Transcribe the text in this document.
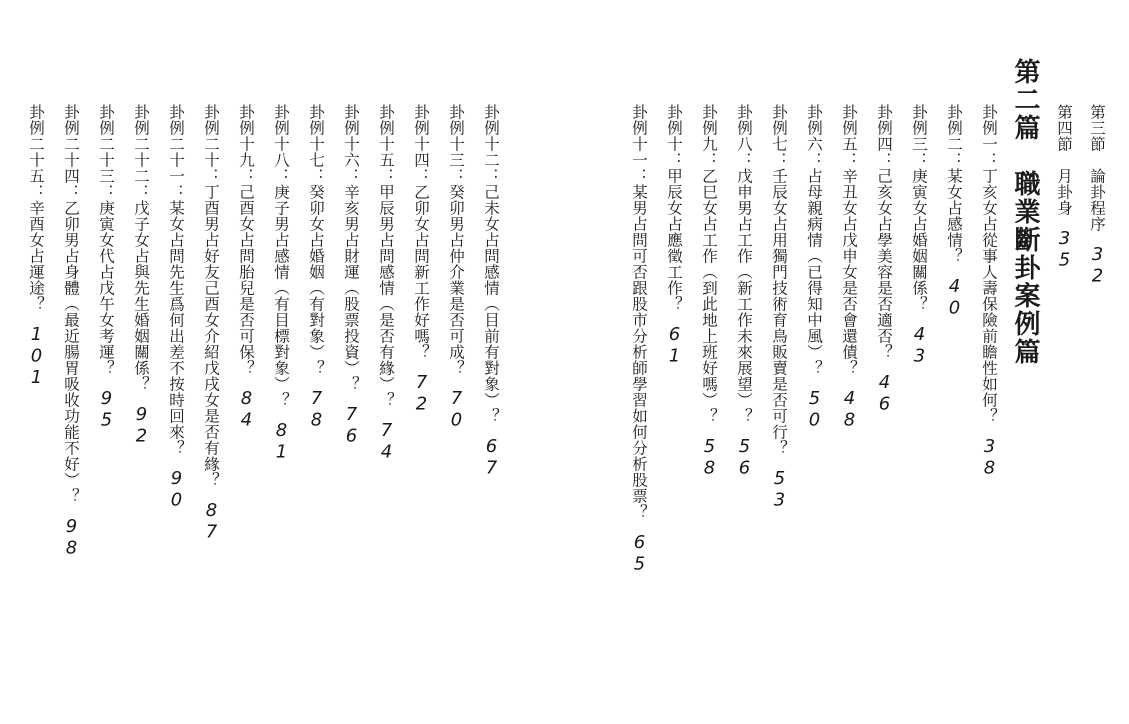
第三節　論卦程序32
第四節　月卦身35
第二篇職業斷卦案例篇
卦例一：丁亥女占從事人壽保險前瞻性如何？38
卦例二：某女占感情？40
卦例三：庚寅女占婚姻關係？43
卦例四：己亥女占學美容是否適否？46
卦例五：辛丑女占戊申女是否會還債？48
卦例六：占母親病情（已得知中風）？50
卦例七：壬辰女占用獨門技術育鳥販賣是否可行？53
卦例八：戊申男占工作（新工作未來展望）？56
卦例九：乙巳女占工作（到此地上班好嗎）？58
卦例十：甲辰女占應徵工作？61
卦例十一：某男占問可否跟股市分析師學習如何分析股票？65
卦例十二：己未女占問感情（目前有對象）？67
卦例十三：癸卯男占仲介業是否可成？70
卦例十四：乙卯女占問新工作好嗎？72
卦例十五：甲辰男占問感情（是否有緣）？74
卦例十六：辛亥男占財運（股票投資）？76
卦例十七：癸卯女占婚姻（有對象）？78
卦例十八：庚子男占感情（有目標對象）？81
卦例十九：己酉女占問胎兒是否可保？84
卦例二十：丁酉男占好友己酉女介紹戊戌女是否有緣？87
卦例二十一：某女占問先生爲何出差不按時回來？90
卦例二十二：戊子女占與先生婚姻關係？92
卦例二十三：庚寅女代占戊午女考運？95
卦例二十四：乙卯男占身體（最近腸胃吸收功能不好）？98
卦例二十五：辛酉女占運途？101
